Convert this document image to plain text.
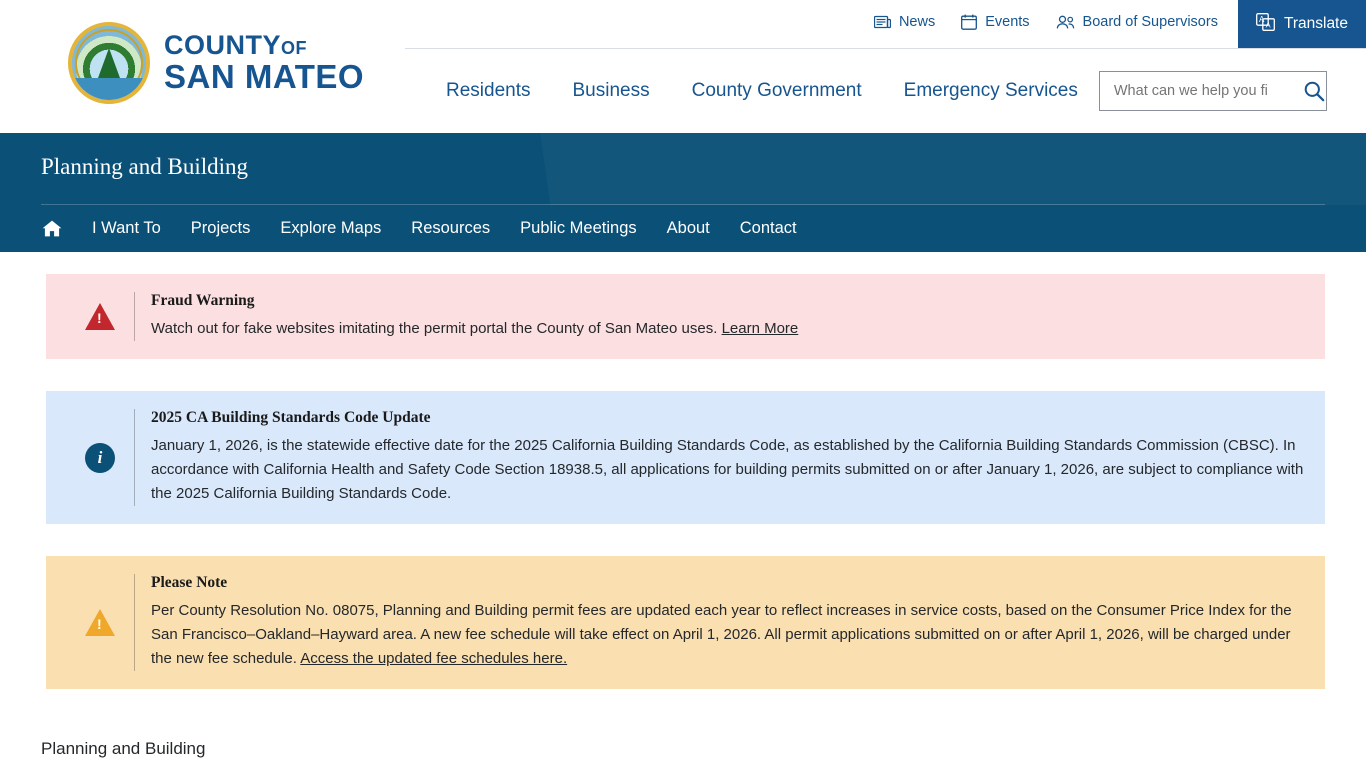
COUNTYOF
SAN MATEO
News	Events	Board of Supervisors	A
A Translate
Residents	Business	County Government	Emergency Services
What can we help you fi
Planning and Building
I Want To	Projects	Explore Maps	Resources	Public Meetings	About	Contact
!
Fraud Warning
Watch out for fake websites imitating the permit portal the County of San Mateo uses. Learn More
i
2025 CA Building Standards Code Update
January 1, 2026, is the statewide effective date for the 2025 California Building Standards Code, as established by the California Building Standards Commission (CBSC). In accordance with California Health and Safety Code Section 18938.5, all applications for building permits submitted on or after January 1, 2026, are subject to compliance with the 2025 California Building Standards Code.
!
Please Note
Per County Resolution No. 08075, Planning and Building permit fees are updated each year to reflect increases in service costs, based on the Consumer Price Index for the San Francisco–Oakland–Hayward area. A new fee schedule will take effect on April 1, 2026. All permit applications submitted on or after April 1, 2026, will be charged under the new fee schedule. Access the updated fee schedules here.
Planning and Building
